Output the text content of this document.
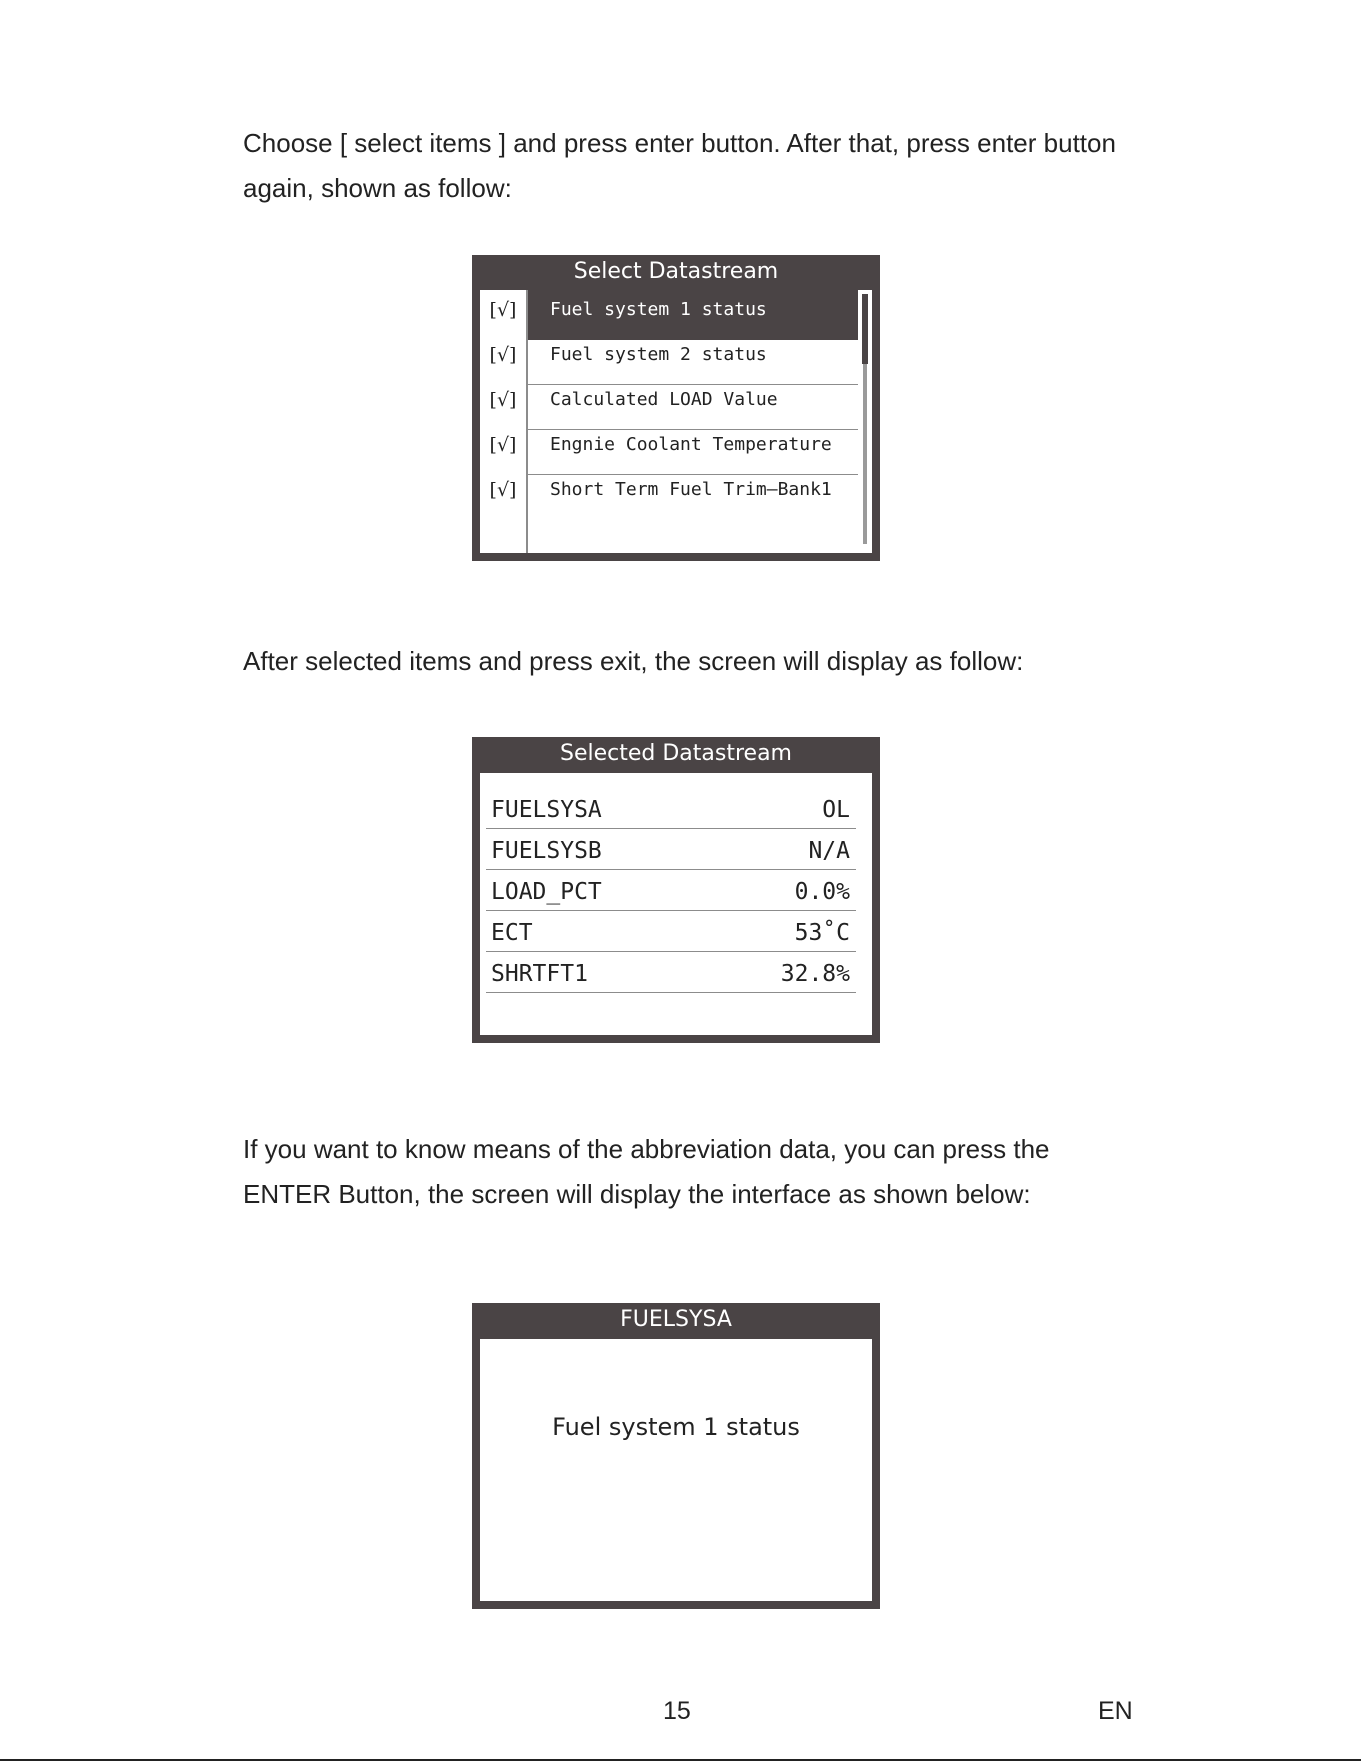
Choose [ select items ] and press enter button. After that, press enter button again, shown as follow:

Select Datastream
[√]	Fuel system 1 status
[√]	Fuel system 2 status
[√]	Calculated LOAD Value
[√]	Engnie Coolant Temperature
[√]	Short Term Fuel Trim—Bank1

After selected items and press exit, the screen will display as follow:

Selected Datastream
FUELSYSA	OL
FUELSYSB	N/A
LOAD_PCT	0.0%
ECT	53˚C
SHRTFT1	32.8%

If you want to know means of the abbreviation data, you can press the ENTER Button, the screen will display the interface as shown below:

FUELSYSA
Fuel system 1 status
15	EN
